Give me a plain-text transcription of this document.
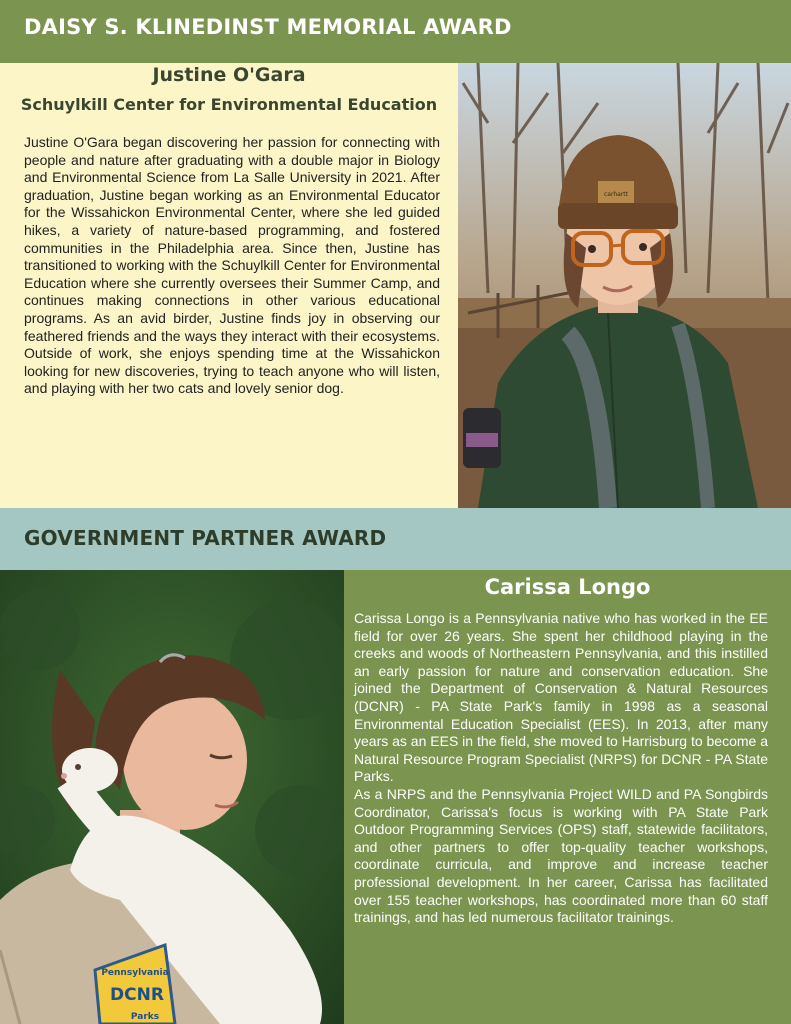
DAISY S. KLINEDINST MEMORIAL AWARD
Justine O'Gara
Schuylkill Center for Environmental Education

Justine O'Gara began discovering her passion for connecting with people and nature after graduating with a double major in Biology and Environmental Science from La Salle University in 2021. After graduation, Justine began working as an Environmental Educator for the Wissahickon Environmental Center, where she led guided hikes, a variety of nature-based programming, and fostered communities in the Philadelphia area. Since then, Justine has transitioned to working with the Schuylkill Center for Environmental Education where she currently oversees their Summer Camp, and continues making connections in other various educational programs. As an avid birder, Justine finds joy in observing our feathered friends and the ways they interact with their ecosystems. Outside of work, she enjoys spending time at the Wissahickon looking for new discoveries, trying to teach anyone who will listen, and playing with her two cats and lovely senior dog.

carhartt
GOVERNMENT PARTNER AWARD
Pennsylvania
DCNR
Parks
Carissa Longo

Carissa Longo is a Pennsylvania native who has worked in the EE field for over 26 years. She spent her childhood playing in the creeks and woods of Northeastern Pennsylvania, and this instilled an early passion for nature and conservation education. She joined the Department of Conservation & Natural Resources (DCNR) - PA State Park's family in 1998 as a seasonal Environmental Education Specialist (EES). In 2013, after many years as an EES in the field, she moved to Harrisburg to become a Natural Resource Program Specialist (NRPS) for DCNR - PA State Parks.

As a NRPS and the Pennsylvania Project WILD and PA Songbirds Coordinator, Carissa's focus is working with PA State Park Outdoor Programming Services (OPS) staff, statewide facilitators, and other partners to offer top-quality teacher workshops, coordinate curricula, and improve and increase teacher professional development. In her career, Carissa has facilitated over 155 teacher workshops, has coordinated more than 60 staff trainings, and has led numerous facilitator trainings.
